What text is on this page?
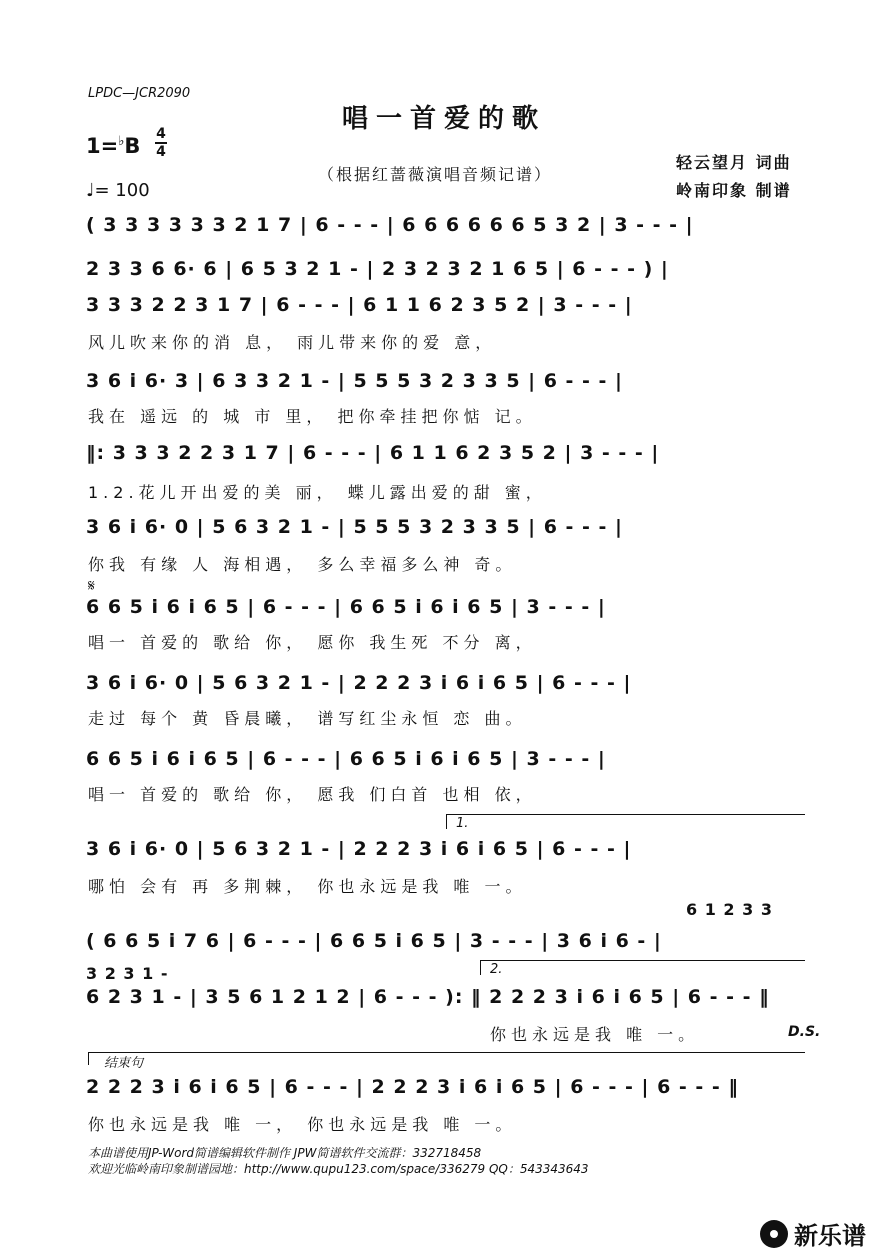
LPDC—JCR2090
唱一首爱的歌
1=♭B 4
4
♩= 100
（根据红蔷薇演唱音频记谱）
轻云望月 词曲
岭南印象 制谱
( 3 3 3 3 3 3 2 1 7 | 6 - - - | 6 6 6 6 6 6 5 3 2 | 3 - - - |
2 3 3 6 6· 6 | 6 5 3 2 1 - | 2 3 2 3 2 1 6 5 | 6 - - - ) |
3 3 3 2 2 3 1 7 | 6 - - - | 6 1 1 6 2 3 5 2 | 3 - - - |
风儿吹来你的消 息， 雨儿带来你的爱 意，
3 6 i 6· 3 | 6 3 3 2 1 - | 5 5 5 3 2 3 3 5 | 6 - - - |
我在 遥远 的 城 市 里， 把你牵挂把你惦 记。
‖: 3 3 3 2 2 3 1 7 | 6 - - - | 6 1 1 6 2 3 5 2 | 3 - - - |
1.2.花儿开出爱的美 丽， 蝶儿露出爱的甜 蜜，
3 6 i 6· 0 | 5 6 3 2 1 - | 5 5 5 3 2 3 3 5 | 6 - - - |
你我 有缘 人 海相遇， 多么幸福多么神 奇。
𝄋
6 6 5 i 6 i 6 5 | 6 - - - | 6 6 5 i 6 i 6 5 | 3 - - - |
唱一 首爱的 歌给 你， 愿你 我生死 不分 离，
3 6 i 6· 0 | 5 6 3 2 1 - | 2 2 2 3 i 6 i 6 5 | 6 - - - |
走过 每个 黄 昏晨曦， 谱写红尘永恒 恋 曲。
6 6 5 i 6 i 6 5 | 6 - - - | 6 6 5 i 6 i 6 5 | 3 - - - |
唱一 首爱的 歌给 你， 愿我 们白首 也相 依，
1.
3 6 i 6· 0 | 5 6 3 2 1 - | 2 2 2 3 i 6 i 6 5 | 6 - - - |
哪怕 会有 再 多荆棘， 你也永远是我 唯 一。
6 1 2 3 3
( 6 6 5 i 7 6 | 6 - - - | 6 6 5 i 6 5 | 3 - - - | 3 6 i 6 - |
2.
3 2 3 1 -
6 2 3 1 - | 3 5 6 1 2 1 2 | 6 - - - ): ‖ 2 2 2 3 i 6 i 6 5 | 6 - - - ‖
你也永远是我 唯 一。	D.S.
结束句
2 2 2 3 i 6 i 6 5 | 6 - - - | 2 2 2 3 i 6 i 6 5 | 6 - - - | 6 - - - ‖
你也永远是我 唯 一， 你也永远是我 唯 一。
本曲谱使用JP-Word简谱编辑软件制作 JPW简谱软件交流群：332718458
欢迎光临岭南印象制谱园地：http://www.qupu123.com/space/336279 QQ：543343643
新乐谱
